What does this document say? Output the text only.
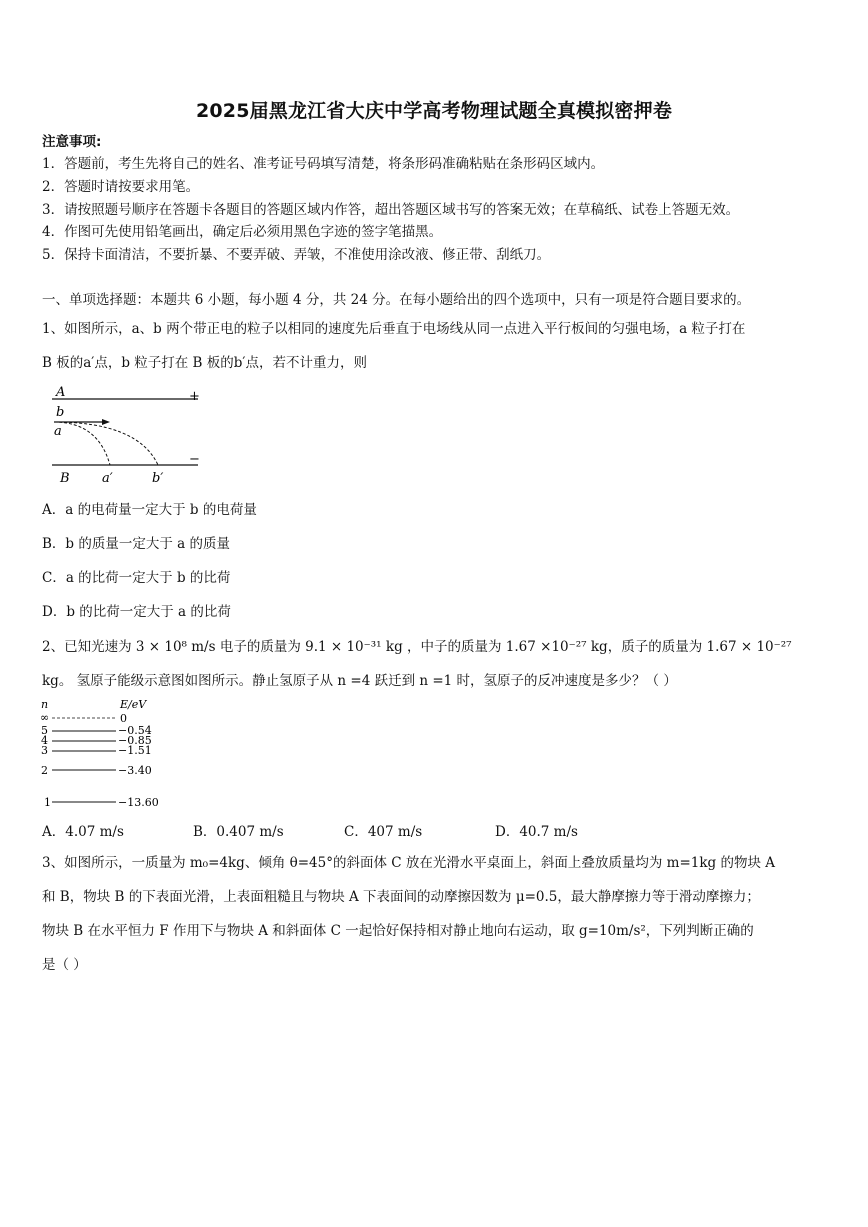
2025届黑龙江省大庆中学高考物理试题全真模拟密押卷
注意事项:
1．答题前，考生先将自己的姓名、准考证号码填写清楚，将条形码准确粘贴在条形码区域内。
2．答题时请按要求用笔。
3．请按照题号顺序在答题卡各题目的答题区域内作答，超出答题区域书写的答案无效；在草稿纸、试卷上答题无效。
4．作图可先使用铅笔画出，确定后必须用黑色字迹的签字笔描黑。
5．保持卡面清洁，不要折暴、不要弄破、弄皱，不准使用涂改液、修正带、刮纸刀。
一、单项选择题：本题共 6 小题，每小题 4 分，共 24 分。在每小题给出的四个选项中，只有一项是符合题目要求的。
1、如图所示，a、b 两个带正电的粒子以相同的速度先后垂直于电场线从同一点进入平行板间的匀强电场，a 粒子打在
B 板的a′点，b 粒子打在 B 板的b′点，若不计重力，则
A	+
−
b
a
B a′	b′
A．a 的电荷量一定大于 b 的电荷量
B．b 的质量一定大于 a 的质量
C．a 的比荷一定大于 b 的比荷
D．b 的比荷一定大于 a 的比荷
2、已知光速为 3 × 10⁸ m/s 电子的质量为 9.1 × 10⁻³¹ kg ，中子的质量为 1.67 ×10⁻²⁷ kg，质子的质量为 1.67 × 10⁻²⁷
kg。 氢原子能级示意图如图所示。静止氢原子从 n =4 跃迁到 n =1 时，氢原子的反冲速度是多少？（ ）
n	E/eV
∞	0
5	−0.54
4	−0.85
3	−1.51
2	−3.40
1	−13.60
A．4.07 m/s	B．0.407 m/s	C．407 m/s	D．40.7 m/s
3、如图所示，一质量为 m₀=4kg、倾角 θ=45°的斜面体 C 放在光滑水平桌面上，斜面上叠放质量均为 m=1kg 的物块 A
和 B，物块 B 的下表面光滑，上表面粗糙且与物块 A 下表面间的动摩擦因数为 μ=0.5，最大静摩擦力等于滑动摩擦力；
物块 B 在水平恒力 F 作用下与物块 A 和斜面体 C 一起恰好保持相对静止地向右运动，取 g=10m/s²，下列判断正确的
是（ ）
